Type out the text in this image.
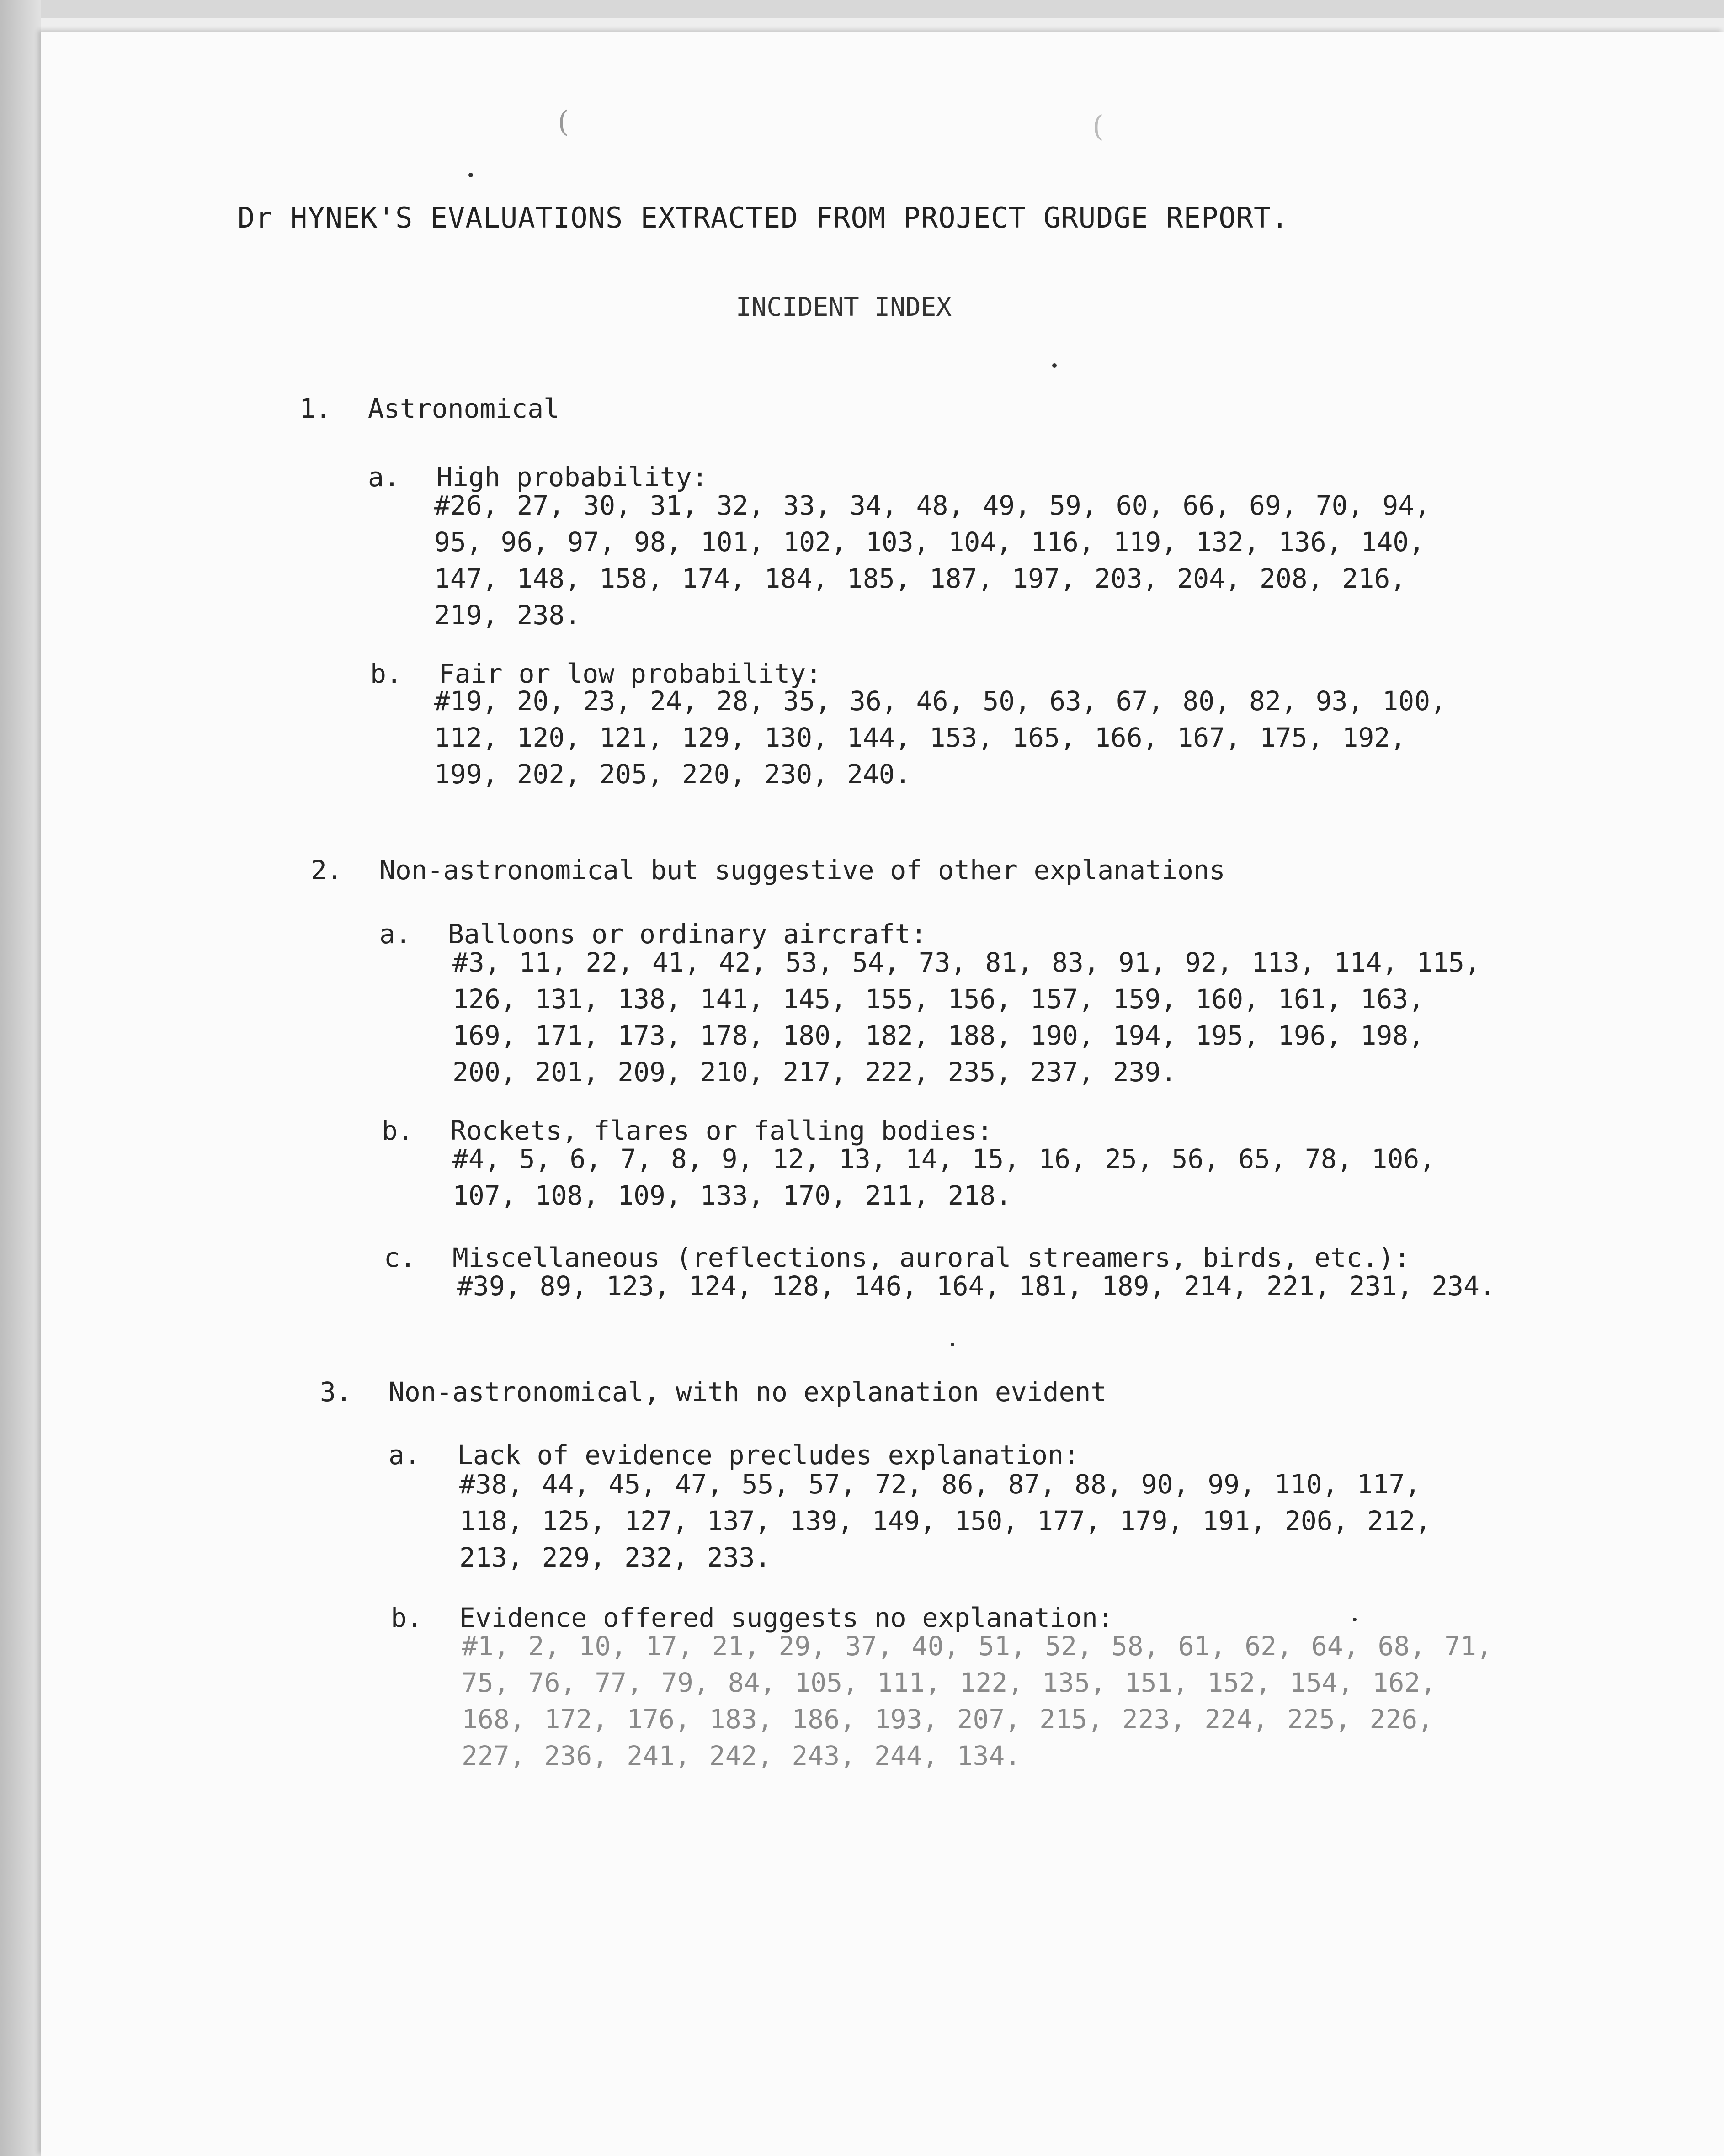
(	(
Dr HYNEK'S EVALUATIONS EXTRACTED FROM PROJECT GRUDGE REPORT.
INCIDENT INDEX
1. Astronomical
a. High probability:
#26, 27, 30, 31, 32, 33, 34, 48, 49, 59, 60, 66, 69, 70, 94, 95, 96, 97, 98, 101, 102, 103, 104, 116, 119, 132, 136, 140, 147, 148, 158, 174, 184, 185, 187, 197, 203, 204, 208, 216, 219, 238.
b. Fair or low probability:
#19, 20, 23, 24, 28, 35, 36, 46, 50, 63, 67, 80, 82, 93, 100, 112, 120, 121, 129, 130, 144, 153, 165, 166, 167, 175, 192, 199, 202, 205, 220, 230, 240.
2. Non-astronomical but suggestive of other explanations
a. Balloons or ordinary aircraft:
#3, 11, 22, 41, 42, 53, 54, 73, 81, 83, 91, 92, 113, 114, 115, 126, 131, 138, 141, 145, 155, 156, 157, 159, 160, 161, 163, 169, 171, 173, 178, 180, 182, 188, 190, 194, 195, 196, 198, 200, 201, 209, 210, 217, 222, 235, 237, 239.
b. Rockets, flares or falling bodies:
#4, 5, 6, 7, 8, 9, 12, 13, 14, 15, 16, 25, 56, 65, 78, 106, 107, 108, 109, 133, 170, 211, 218.
c. Miscellaneous (reflections, auroral streamers, birds, etc.):
#39, 89, 123, 124, 128, 146, 164, 181, 189, 214, 221, 231, 234.
3. Non-astronomical, with no explanation evident
a. Lack of evidence precludes explanation:
#38, 44, 45, 47, 55, 57, 72, 86, 87, 88, 90, 99, 110, 117, 118, 125, 127, 137, 139, 149, 150, 177, 179, 191, 206, 212, 213, 229, 232, 233.
b. Evidence offered suggests no explanation:
#1, 2, 10, 17, 21, 29, 37, 40, 51, 52, 58, 61, 62, 64, 68, 71, 75, 76, 77, 79, 84, 105, 111, 122, 135, 151, 152, 154, 162, 168, 172, 176, 183, 186, 193, 207, 215, 223, 224, 225, 226, 227, 236, 241, 242, 243, 244, 134.
